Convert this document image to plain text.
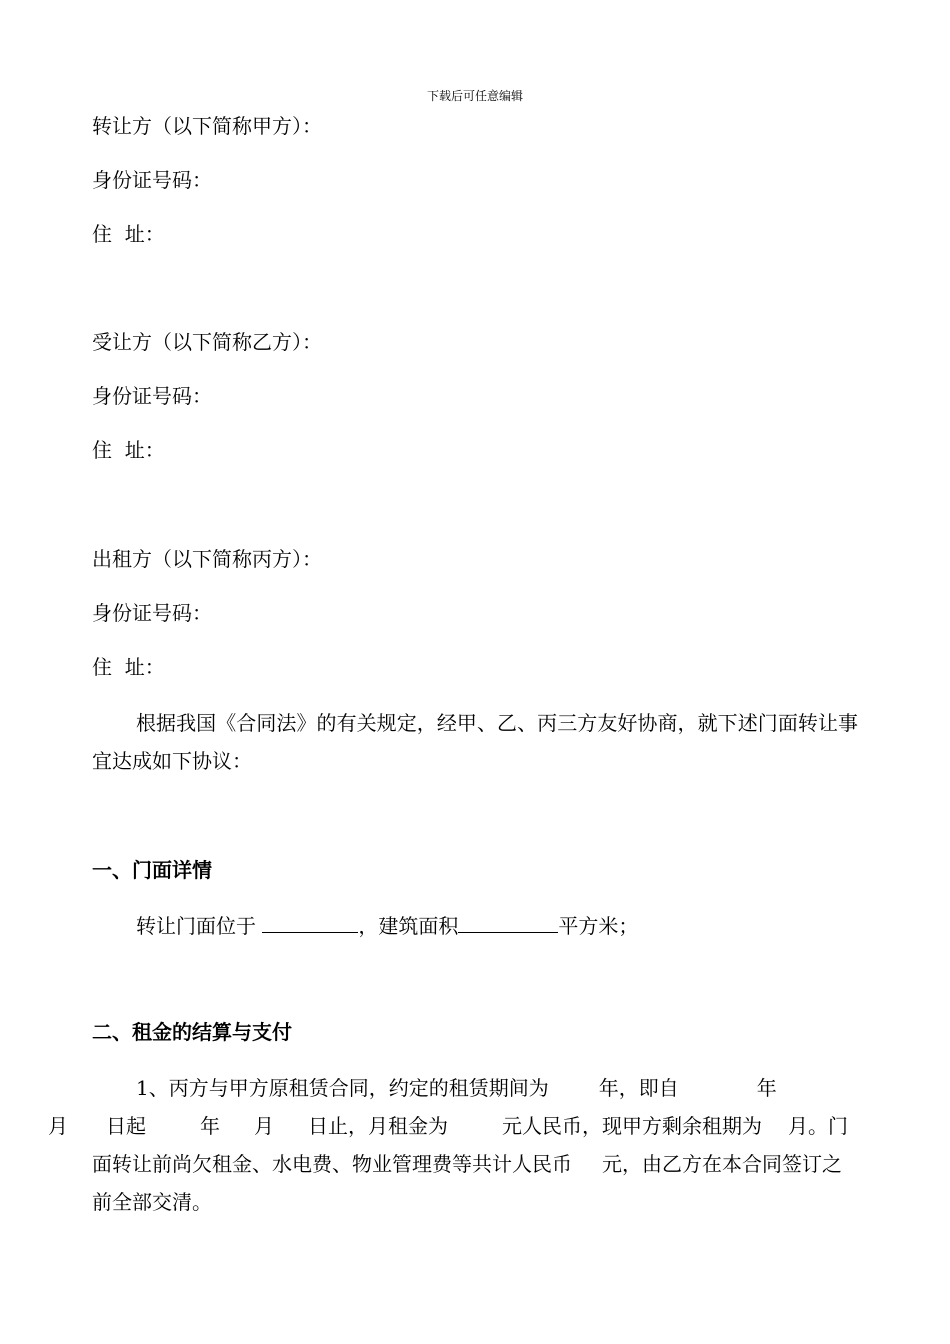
下载后可任意编辑
转让方（以下简称甲方）：
身份证号码：
住  址：
受让方（以下简称乙方）：
身份证号码：
住  址：
出租方（以下简称丙方）：
身份证号码：
住  址：
根据我国《合同法》的有关规定，经甲、乙、丙三方友好协商，就下述门面转让事宜达成如下协议：
一、门面详情
转让门面位于	，建筑面积	平方米；
二、租金的结算与支付
1、丙方与甲方原租赁合同，约定的租赁期间为	年，即自	年
月 日起	年 月 日止，月租金为	元人民币，现甲方剩余租期为 月。门面转让前尚欠租金、水电费、物业管理费等共计人民币 元，由乙方在本合同签订之前全部交清。
